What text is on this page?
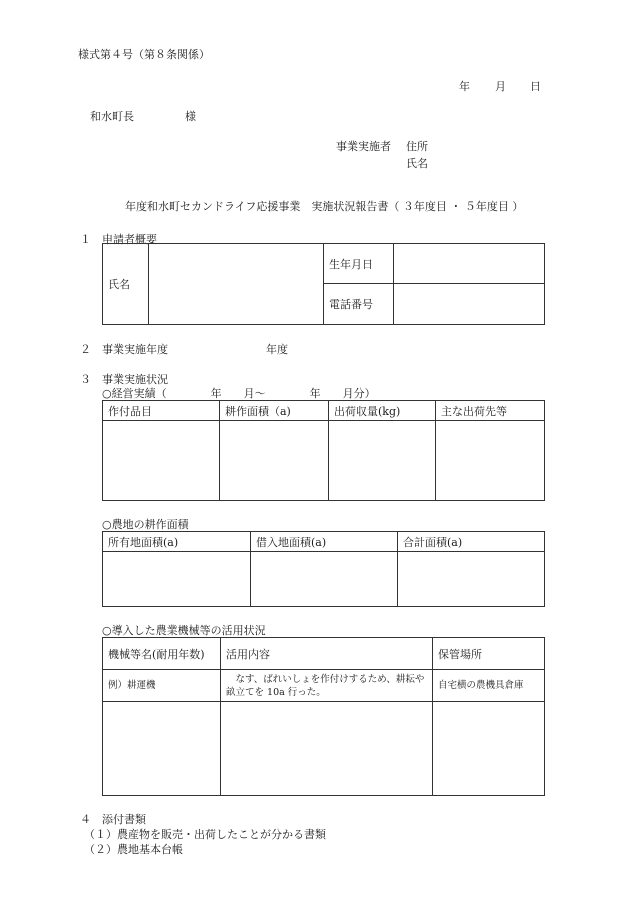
様式第４号（第８条関係）
年 月 日
和水町長	様
事業実施者 住所
氏名
年度和水町セカンドライフ応援事業　実施状況報告書（ ３年度目 ・ ５年度目 ）
１　申請者概要
氏名		生年月日	
		電話番号	
２　事業実施年度	年度
３　事業実施状況
○経営実績（　　　　年　　月～　　　　年　　月分）
作付品目	耕作面積（a)	出荷収量(kg)	主な出荷先等

○農地の耕作面積
所有地面積(a)	借入地面積(a)	合計面積(a)

○導入した農業機械等の活用状況
機械等名(耐用年数)	活用内容	保管場所
例）耕運機	　なす、ばれいしょを作付けするため、耕耘や畝立てを 10a 行った。	自宅横の農機具倉庫

４　添付書類
（１）農産物を販売・出荷したことが分かる書類
（２）農地基本台帳
